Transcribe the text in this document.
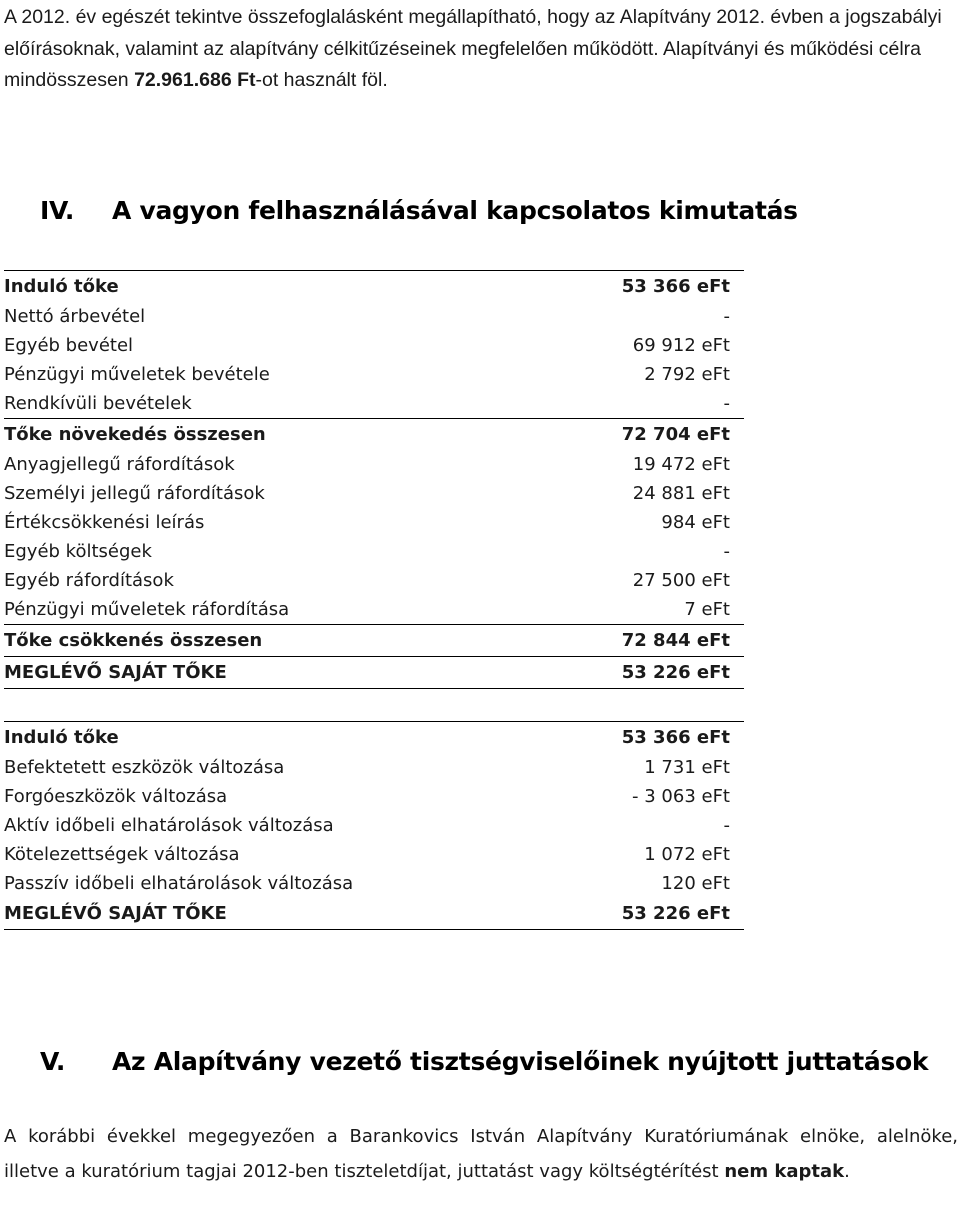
A 2012. év egészét tekintve összefoglalásként megállapítható, hogy az Alapítvány 2012. évben a jogszabályi előírásoknak, valamint az alapítvány célkitűzéseinek megfelelően működött. Alapítványi és működési célra mindösszesen 72.961.686 Ft-ot használt föl.

IV. A vagyon felhasználásával kapcsolatos kimutatás
Induló tőke	53 366 eFt
Nettó árbevétel	-
Egyéb bevétel	69 912 eFt
Pénzügyi műveletek bevétele	2 792 eFt
Rendkívüli bevételek	-
Tőke növekedés összesen	72 704 eFt
Anyagjellegű ráfordítások	19 472 eFt
Személyi jellegű ráfordítások	24 881 eFt
Értékcsökkenési leírás	984 eFt
Egyéb költségek	-
Egyéb ráfordítások	27 500 eFt
Pénzügyi műveletek ráfordítása	7 eFt
Tőke csökkenés összesen	72 844 eFt
MEGLÉVŐ SAJÁT TŐKE	53 226 eFt
Induló tőke	53 366 eFt
Befektetett eszközök változása	1 731 eFt
Forgóeszközök változása	- 3 063 eFt
Aktív időbeli elhatárolások változása	-
Kötelezettségek változása	1 072 eFt
Passzív időbeli elhatárolások változása	120 eFt
MEGLÉVŐ SAJÁT TŐKE	53 226 eFt
V. Az Alapítvány vezető tisztségviselőinek nyújtott juttatások

A korábbi évekkel megegyezően a Barankovics István Alapítvány Kuratóriumának elnöke, alelnöke, illetve a kuratórium tagjai 2012-ben tiszteletdíjat, juttatást vagy költségtérítést nem kaptak.
